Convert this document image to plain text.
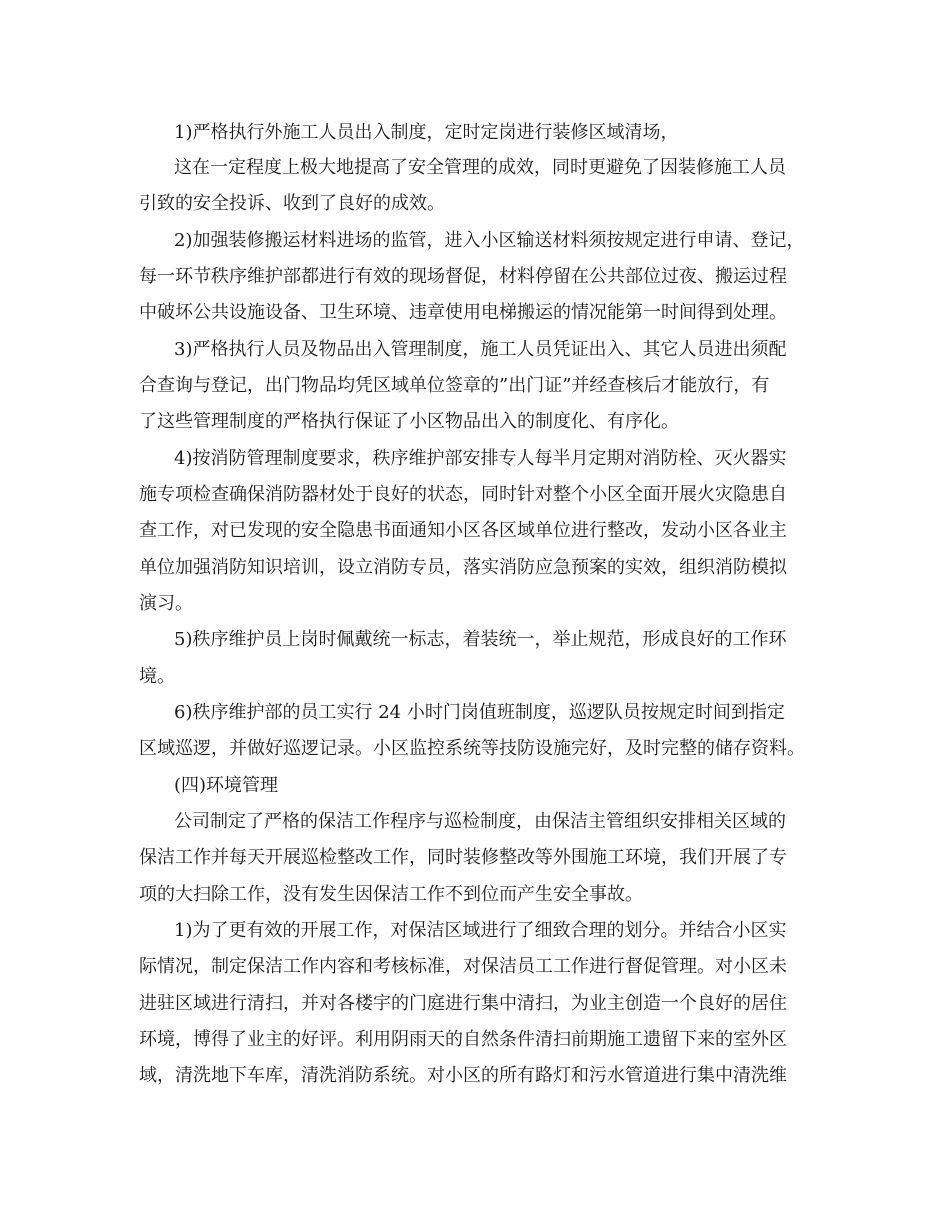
1)严格执行外施工人员出入制度，定时定岗进行装修区域清场，

这在一定程度上极大地提高了安全管理的成效，同时更避免了因装修施工人员

引致的安全投诉、收到了良好的成效。

2)加强装修搬运材料进场的监管，进入小区输送材料须按规定进行申请、登记，

每一环节秩序维护部都进行有效的现场督促，材料停留在公共部位过夜、搬运过程

中破坏公共设施设备、卫生环境、违章使用电梯搬运的情况能第一时间得到处理。

3)严格执行人员及物品出入管理制度，施工人员凭证出入、其它人员进出须配

合查询与登记，出门物品均凭区域单位签章的”出门证”并经查核后才能放行，有

了这些管理制度的严格执行保证了小区物品出入的制度化、有序化。

4)按消防管理制度要求，秩序维护部安排专人每半月定期对消防栓、灭火器实

施专项检查确保消防器材处于良好的状态，同时针对整个小区全面开展火灾隐患自

查工作，对已发现的安全隐患书面通知小区各区域单位进行整改，发动小区各业主

单位加强消防知识培训，设立消防专员，落实消防应急预案的实效，组织消防模拟

演习。

5)秩序维护员上岗时佩戴统一标志，着装统一，举止规范，形成良好的工作环

境。

6)秩序维护部的员工实行 24 小时门岗值班制度，巡逻队员按规定时间到指定

区域巡逻，并做好巡逻记录。小区监控系统等技防设施完好，及时完整的储存资料。

(四)环境管理

公司制定了严格的保洁工作程序与巡检制度，由保洁主管组织安排相关区域的

保洁工作并每天开展巡检整改工作，同时装修整改等外围施工环境，我们开展了专

项的大扫除工作，没有发生因保洁工作不到位而产生安全事故。

1)为了更有效的开展工作，对保洁区域进行了细致合理的划分。并结合小区实

际情况，制定保洁工作内容和考核标准，对保洁员工工作进行督促管理。对小区未

进驻区域进行清扫，并对各楼宇的门庭进行集中清扫，为业主创造一个良好的居住

环境，博得了业主的好评。利用阴雨天的自然条件清扫前期施工遗留下来的室外区

域，清洗地下车库，清洗消防系统。对小区的所有路灯和污水管道进行集中清洗维
